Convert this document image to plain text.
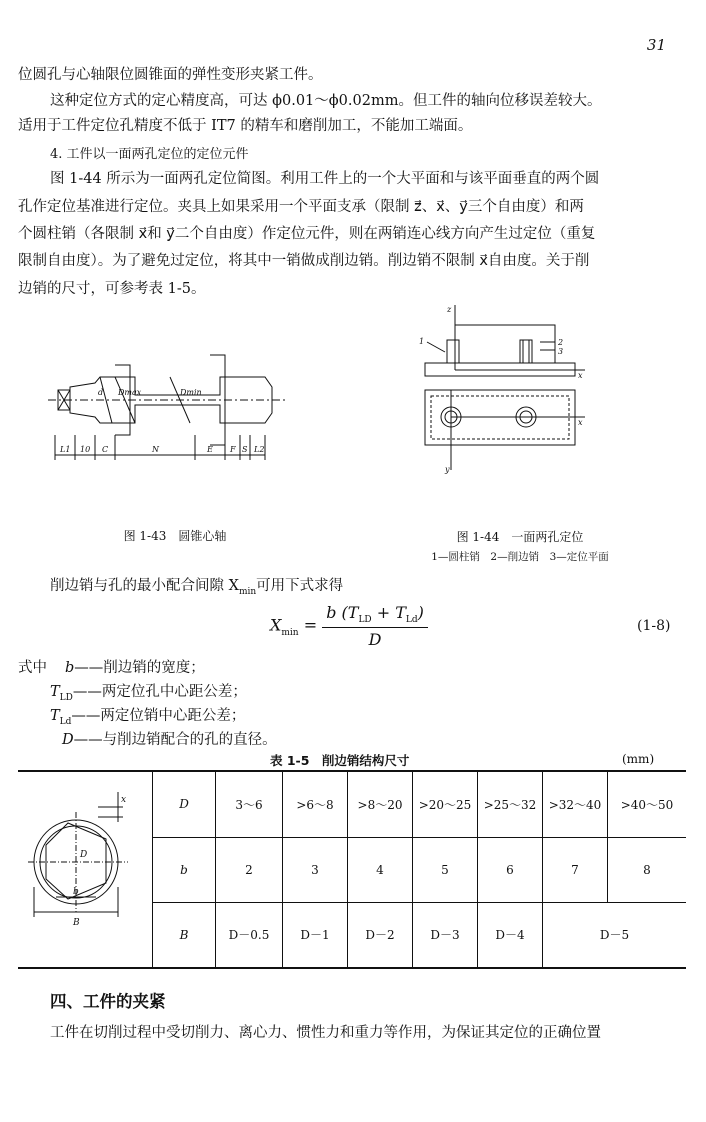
31
位圆孔与心轴限位圆锥面的弹性变形夹紧工件。
这种定位方式的定心精度高，可达 ϕ0.01～ϕ0.02mm。但工件的轴向位移误差较大。
适用于工件定位孔精度不低于 IT7 的精车和磨削加工，不能加工端面。
4. 工件以一面两孔定位的定位元件
图 1-44 所示为一面两孔定位简图。利用工件上的一个大平面和与该平面垂直的两个圆
孔作定位基准进行定位。夹具上如果采用一个平面支承（限制 z⃗、x⃗、y⃗三个自由度）和两
个圆柱销（各限制 x⃗和 y⃗二个自由度）作定位元件，则在两销连心线方向产生过定位（重复
限制自由度）。为了避免过定位，将其中一销做成削边销。削边销不限制 x⃗自由度。关于削
边销的尺寸，可参考表 1-5。
L1 10 C	N	E F S L2
d Dmax	Dmin
z
x
x
y
1	2
3
图 1-43　圆锥心轴	图 1-44　一面两孔定位
1—圆柱销　2—削边销　3—定位平面
削边销与孔的最小配合间隙 $X_{min}$可用下式求得
$X_{min} = \frac{b (T_{LD} + T_{Ld})}{D}$	(1-8)
式中 b——削边销的宽度；
$T_{LD}——$两定位孔中心距公差；
$T_{Ld}——$两定位销中心距公差；
D——与削边销配合的孔的直径。
表 1-5　削边销结构尺寸	(mm)
x
D
b
B
D	3～6	>6～8	>8～20	>20～25	>25～32	>32～40	>40～50
b	2	3	4	5	6	7	8
B	D－0.5	D－1	D－2	D－3	D－4	D－5	
四、工件的夹紧
工件在切削过程中受切削力、离心力、惯性力和重力等作用，为保证其定位的正确位置
